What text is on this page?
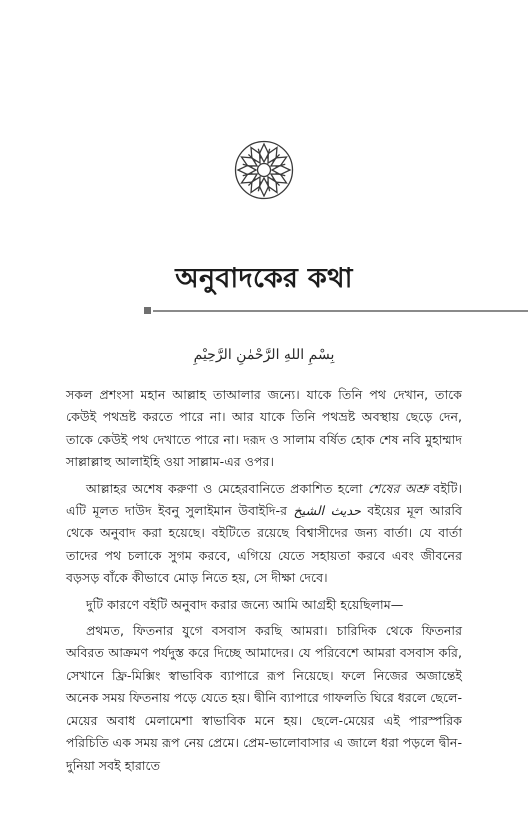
অনুবাদকের কথা
بِسْمِ اللهِ الرَّحْمٰنِ الرَّحِيْمِ

সকল প্রশংসা মহান আল্লাহ তাআলার জন্যে। যাকে তিনি পথ দেখান, তাকে কেউই পথভ্রষ্ট করতে পারে না। আর যাকে তিনি পথভ্রষ্ট অবস্থায় ছেড়ে দেন, তাকে কেউই পথ দেখাতে পারে না। দরূদ ও সালাম বর্ষিত হোক শেষ নবি মুহাম্মাদ সাল্লাল্লাহু আলাইহি ওয়া সাল্লাম-এর ওপর।

আল্লাহর অশেষ করুণা ও মেহেরবানিতে প্রকাশিত হলো শেষের অশ্রু বইটি। এটি মূলত দাউদ ইবনু সুলাইমান উবাইদি-র حديث الشيخ বইয়ের মূল আরবি থেকে অনুবাদ করা হয়েছে। বইটিতে রয়েছে বিশ্বাসীদের জন্য বার্তা। যে বার্তা তাদের পথ চলাকে সুগম করবে, এগিয়ে যেতে সহায়তা করবে এবং জীবনের বড়সড় বাঁকে কীভাবে মোড় নিতে হয়, সে দীক্ষা দেবে।

দুটি কারণে বইটি অনুবাদ করার জন্যে আমি আগ্রহী হয়েছিলাম—

প্রথমত, ফিতনার যুগে বসবাস করছি আমরা। চারিদিক থেকে ফিতনার অবিরত আক্রমণ পর্যদুস্ত করে দিচ্ছে আমাদের। যে পরিবেশে আমরা বসবাস করি, সেখানে ফ্রি-মিক্সিং স্বাভাবিক ব্যাপারে রূপ নিয়েছে। ফলে নিজের অজান্তেই অনেক সময় ফিতনায় পড়ে যেতে হয়। দ্বীনি ব্যাপারে গাফলতি ঘিরে ধরলে ছেলে-মেয়ের অবাধ মেলামেশা স্বাভাবিক মনে হয়। ছেলে-মেয়ের এই পারস্পরিক পরিচিতি এক সময় রূপ নেয় প্রেমে। প্রেম-ভালোবাসার এ জালে ধরা পড়লে দ্বীন-দুনিয়া সবই হারাতে
